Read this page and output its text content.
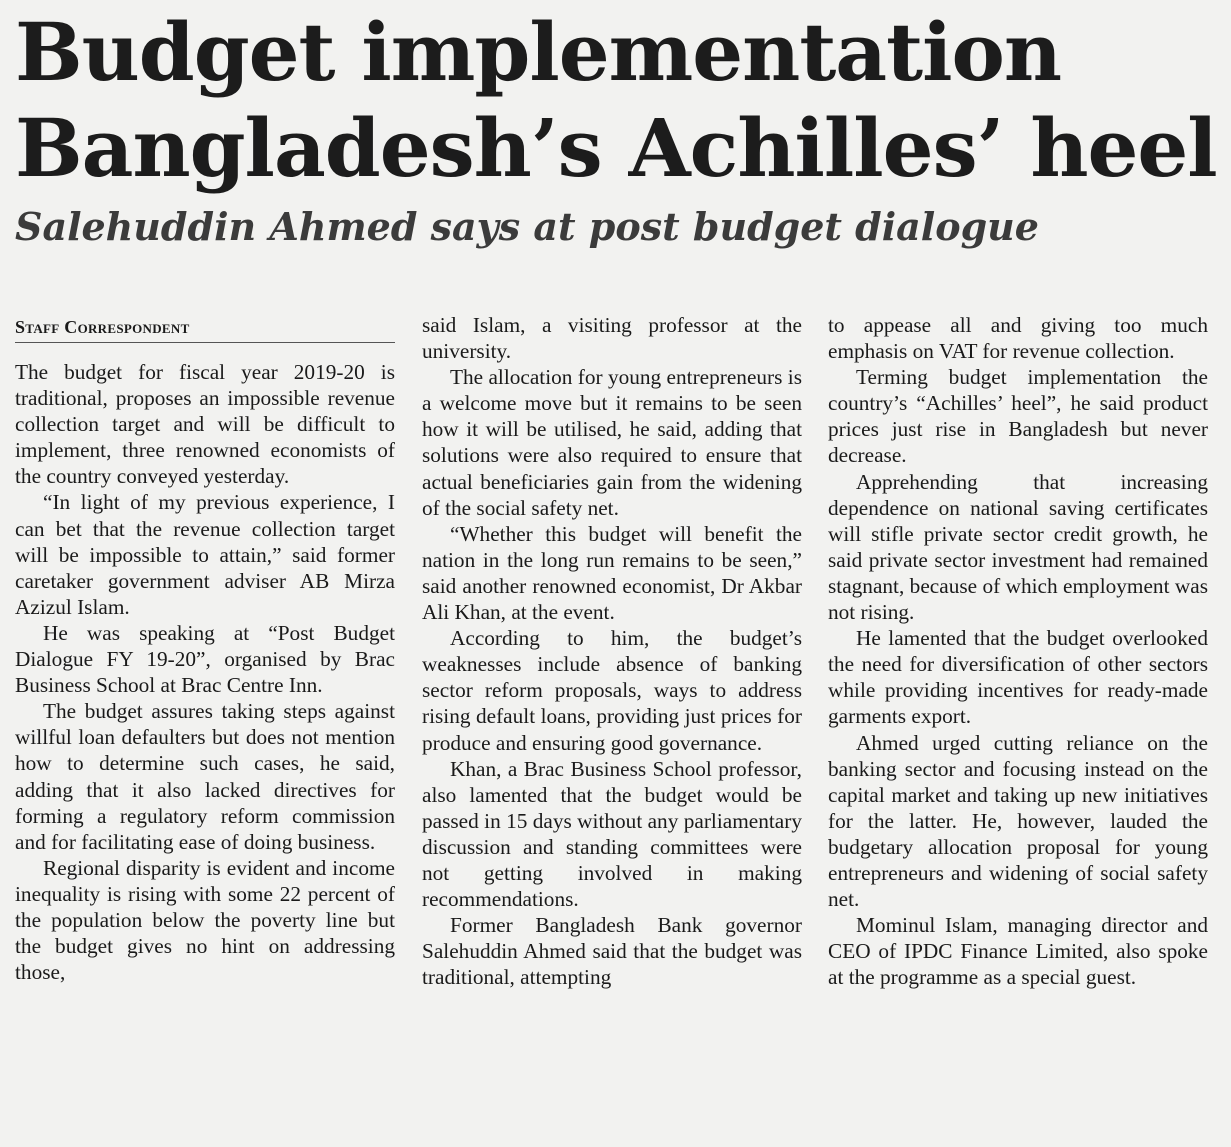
Budget implementation
Bangladesh’s Achilles’ heel
Salehuddin Ahmed says at post budget dialogue
Staff Correspondent

The budget for fiscal year 2019-20 is traditional, proposes an impossible revenue collection target and will be difficult to implement, three renowned economists of the country conveyed yesterday.

“In light of my previous experience, I can bet that the revenue collection target will be impossible to attain,” said former caretaker government adviser AB Mirza Azizul Islam.

He was speaking at “Post Budget Dialogue FY 19-20”, organised by Brac Business School at Brac Centre Inn.

The budget assures taking steps against willful loan defaulters but does not mention how to determine such cases, he said, adding that it also lacked directives for forming a regulatory reform commission and for facilitating ease of doing business.

Regional disparity is evident and income inequality is rising with some 22 percent of the population below the poverty line but the budget gives no hint on addressing those,

said Islam, a visiting professor at the university.

The allocation for young entrepreneurs is a welcome move but it remains to be seen how it will be utilised, he said, adding that solutions were also required to ensure that actual beneficiaries gain from the widening of the social safety net.

“Whether this budget will benefit the nation in the long run remains to be seen,” said another renowned economist, Dr Akbar Ali Khan, at the event.

According to him, the budget’s weaknesses include absence of banking sector reform proposals, ways to address rising default loans, providing just prices for produce and ensuring good governance.

Khan, a Brac Business School professor, also lamented that the budget would be passed in 15 days without any parliamentary discussion and standing committees were not getting involved in making recommendations.

Former Bangladesh Bank governor Salehuddin Ahmed said that the budget was traditional, attempting

to appease all and giving too much emphasis on VAT for revenue collection.

Terming budget implementation the country’s “Achilles’ heel”, he said product prices just rise in Bangladesh but never decrease.

Apprehending that increasing dependence on national saving certificates will stifle private sector credit growth, he said private sector investment had remained stagnant, because of which employment was not rising.

He lamented that the budget overlooked the need for diversification of other sectors while providing incentives for ready-made garments export.

Ahmed urged cutting reliance on the banking sector and focusing instead on the capital market and taking up new initiatives for the latter. He, however, lauded the budgetary allocation proposal for young entrepreneurs and widening of social safety net.

Mominul Islam, managing director and CEO of IPDC Finance Limited, also spoke at the programme as a special guest.
